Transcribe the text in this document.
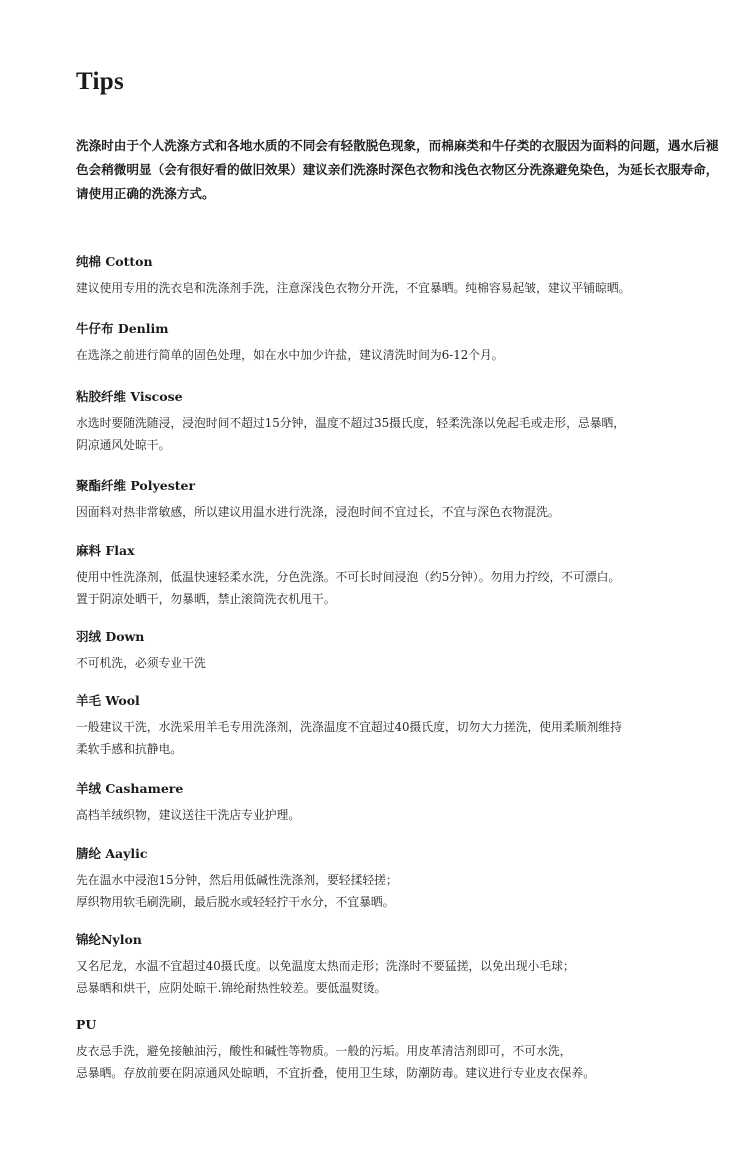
Tips

洗涤时由于个人洗涤方式和各地水质的不同会有轻散脱色现象，而棉麻类和牛仔类的衣服因为面料的问题，遇水后褪色会稍微明显（会有很好看的做旧效果）建议亲们洗涤时深色衣物和浅色衣物区分洗涤避免染色，为延长衣服寿命，请使用正确的洗涤方式。

纯棉 Cotton

建议使用专用的洗衣皂和洗涤剂手洗，注意深浅色衣物分开洗，不宜暴晒。纯棉容易起皱，建议平铺晾晒。

牛仔布 Denlim

在选涤之前进行简单的固色处理，如在水中加少许盐，建议清洗时间为6-12个月。

粘胶纤维 Viscose

水选时要随洗随浸，浸泡时间不超过15分钟，温度不超过35摄氏度，轻柔洗涤以免起毛或走形，忌暴晒，
阴凉通风处晾干。

聚酯纤维 Polyester

因面料对热非常敏感，所以建议用温水进行洗涤，浸泡时间不宜过长，不宜与深色衣物混洗。

麻料 Flax

使用中性洗涤剂，低温快速轻柔水洗，分色洗涤。不可长时间浸泡（约5分钟）。勿用力拧绞，不可漂白。
置于阴凉处晒干，勿暴晒，禁止滚筒洗衣机甩干。

羽绒 Down

不可机洗，必须专业干洗

羊毛 Wool

一般建议干洗，水洗采用羊毛专用洗涤剂，洗涤温度不宜超过40摄氏度，切勿大力搓洗，使用柔顺剂维持
柔软手感和抗静电。

羊绒 Cashamere

高档羊绒织物，建议送往干洗店专业护理。

腈纶 Aaylic

先在温水中浸泡15分钟，然后用低碱性洗涤剂，要轻揉轻搓；
厚织物用软毛刷洗刷，最后脱水或轻轻拧干水分，不宜暴晒。

锦纶Nylon

又名尼龙，水温不宜超过40摄氏度。以免温度太热而走形；洗涤时不要猛搓，以免出现小毛球；
忌暴晒和烘干，应阴处晾干.锦纶耐热性较差。要低温熨烫。

PU

皮衣忌手洗，避免接触油污，酸性和碱性等物质。一般的污垢。用皮革清洁剂即可，不可水洗，
忌暴晒。存放前要在阴凉通风处晾晒，不宜折叠，使用卫生球，防潮防毒。建议进行专业皮衣保养。
